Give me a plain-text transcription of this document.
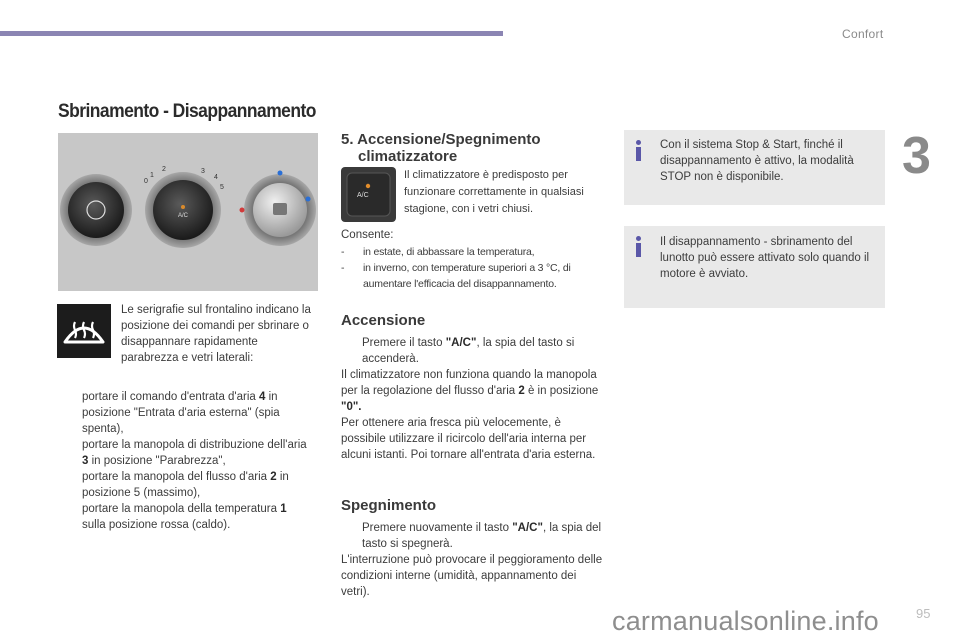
Confort
3
Sbrinamento - Disappannamento
A/C
0
1
2	3
4
5
Le serigrafie sul frontalino indicano la posizione dei comandi per sbrinare o disappannare rapidamente parabrezza e vetri laterali:
portare il comando d'entrata d'aria 4 in posizione "Entrata d'aria esterna" (spia spenta),
portare la manopola di distribuzione dell'aria 3 in posizione "Parabrezza",
portare la manopola del flusso d'aria 2 in posizione 5 (massimo),
portare la manopola della temperatura 1 sulla posizione rossa (caldo).
5. Accensione/Spegnimento
climatizzatore
A/C
Il climatizzatore è predisposto per funzionare correttamente in qualsiasi stagione, con i vetri chiusi.
Consente:
- in estate, di abbassare la temperatura,
- in inverno, con temperature superiori a 3 °C, di aumentare l'efficacia del disappannamento.
Accensione
Premere il tasto "A/C", la spia del tasto si accenderà.
Il climatizzatore non funziona quando la manopola per la regolazione del flusso d'aria 2 è in posizione "0".
Per ottenere aria fresca più velocemente, è possibile utilizzare il ricircolo dell'aria interna per alcuni istanti. Poi tornare all'entrata d'aria esterna.
Spegnimento
Premere nuovamente il tasto "A/C", la spia del tasto si spegnerà.
L'interruzione può provocare il peggioramento delle condizioni interne (umidità, appannamento dei vetri).
Con il sistema Stop & Start, finché il disappannamento è attivo, la modalità STOP non è disponibile.
Il disappannamento - sbrinamento del lunotto può essere attivato solo quando il motore è avviato.
carmanualsonline.info	95
